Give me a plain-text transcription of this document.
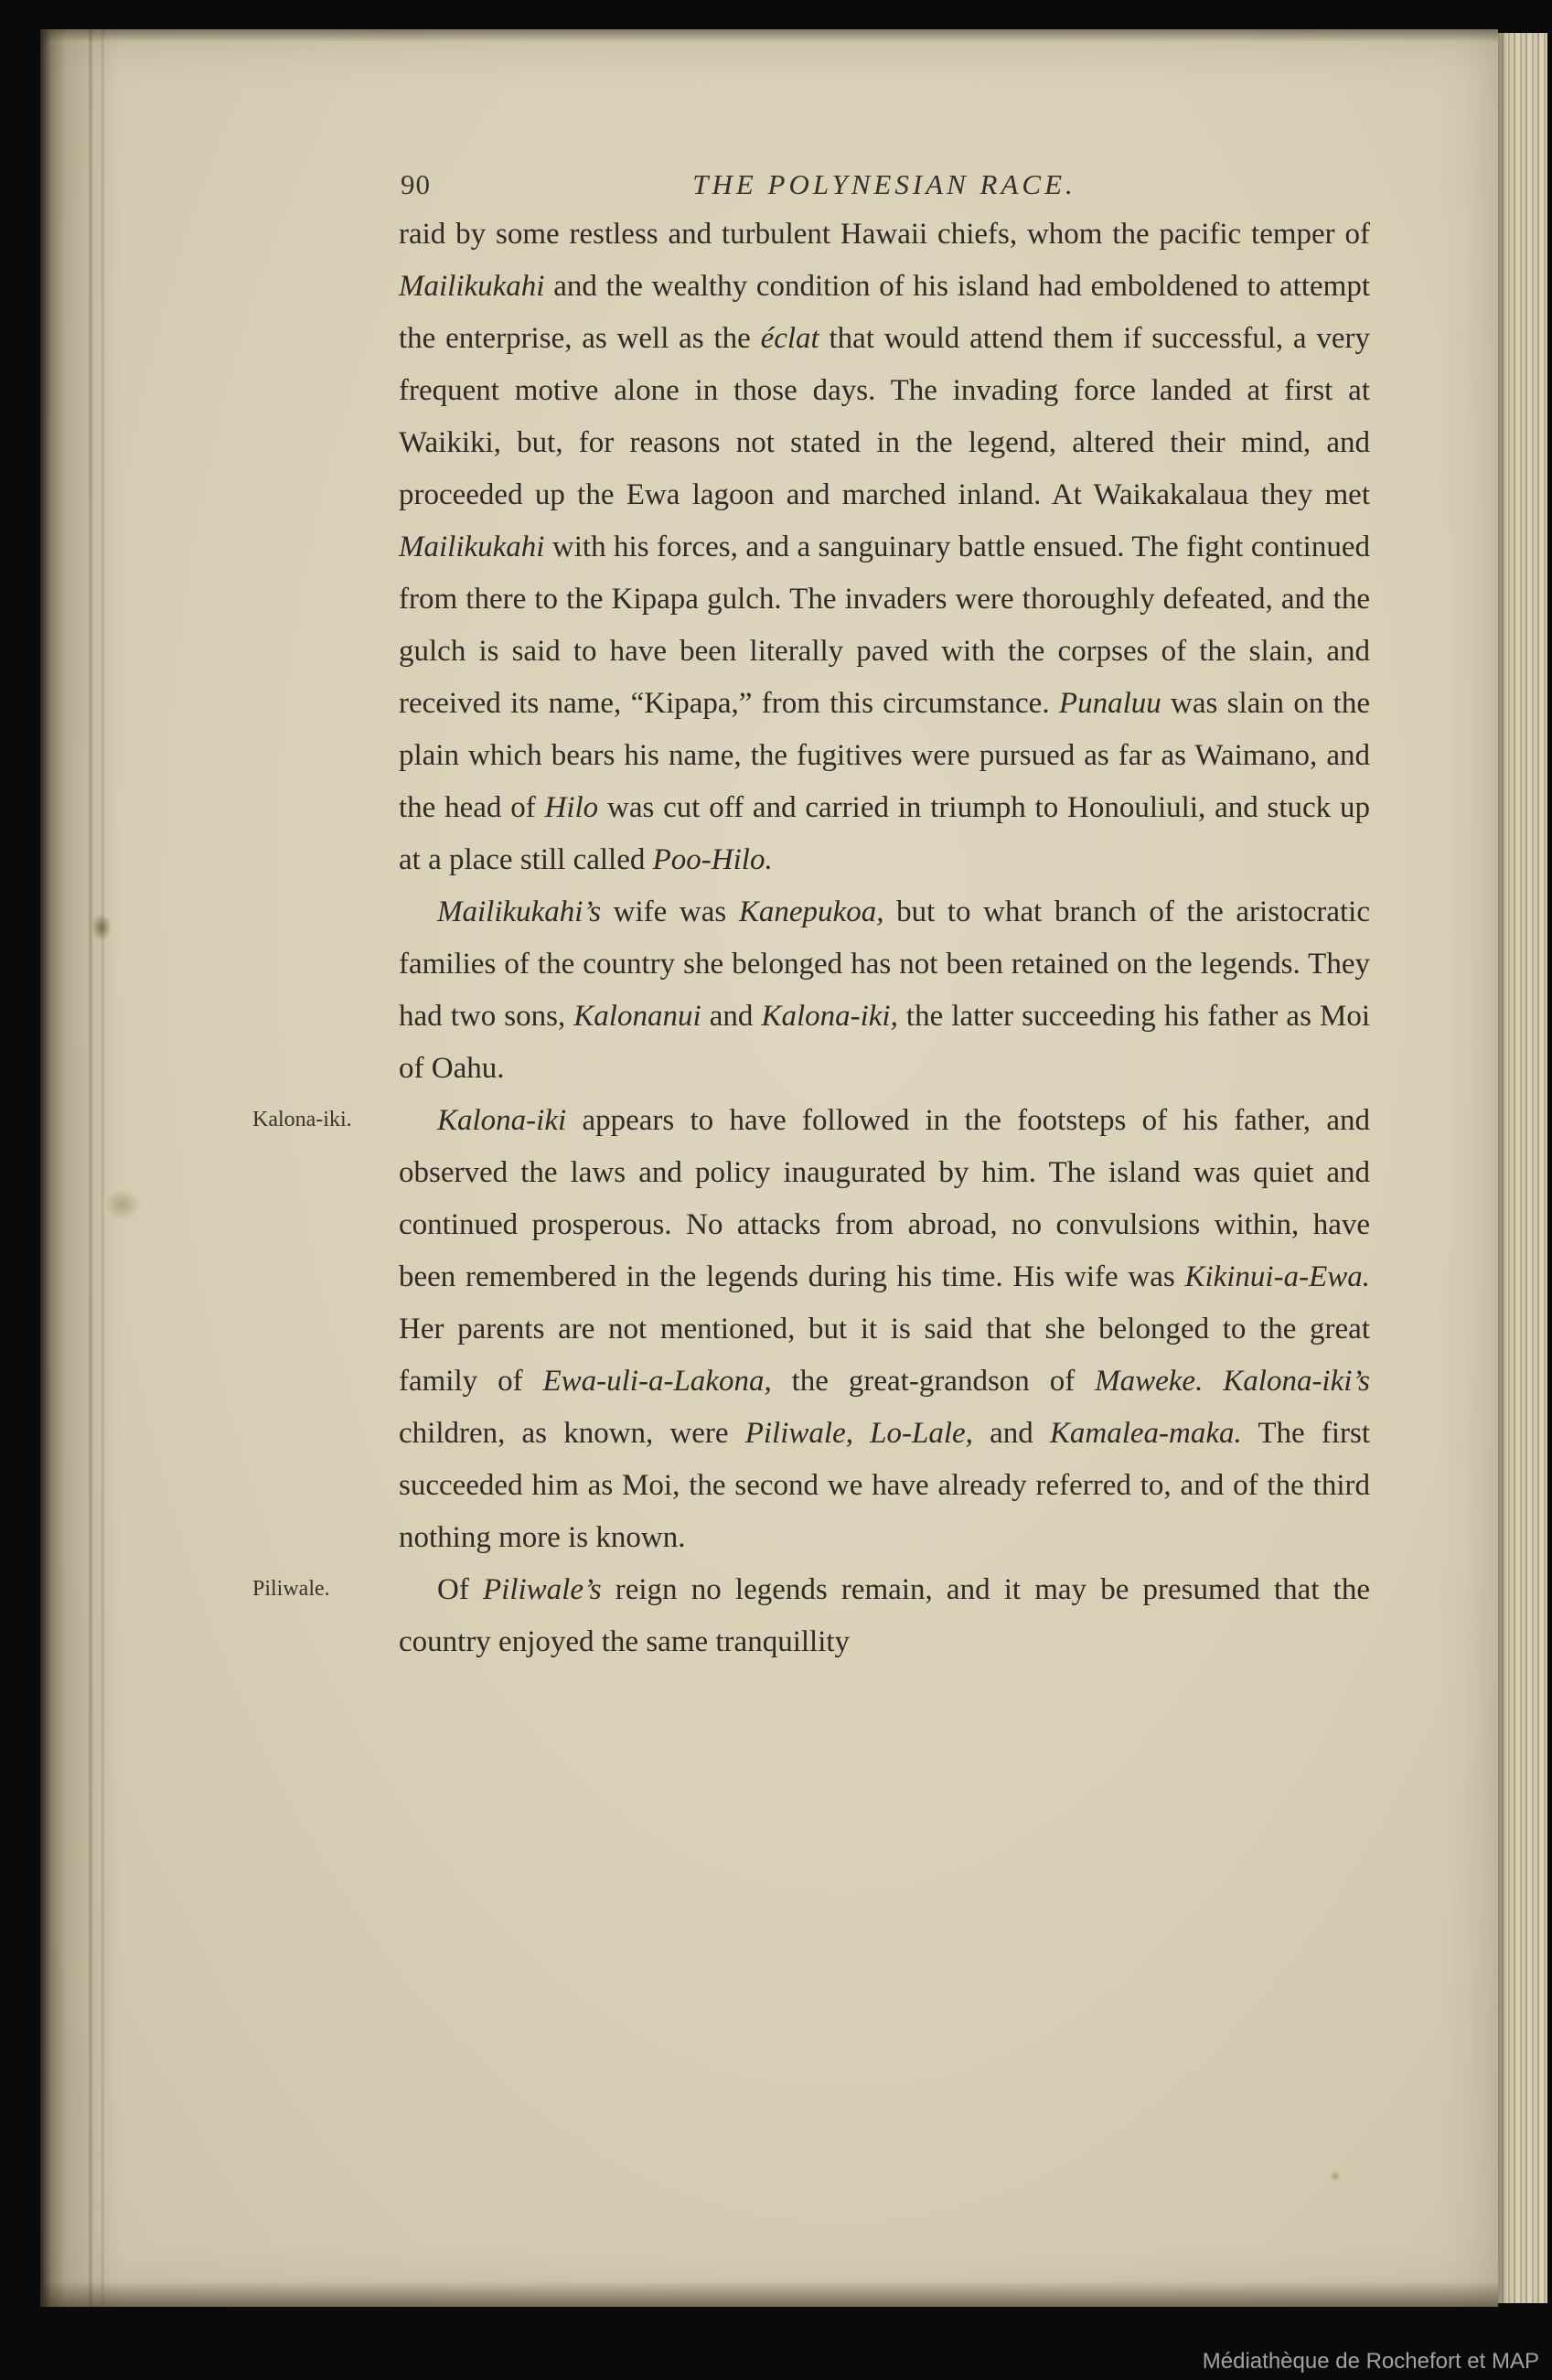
90	THE POLYNESIAN RACE.

raid by some restless and turbulent Hawaii chiefs, whom the pacific temper of Mailikukahi and the wealthy condition of his island had emboldened to attempt the enterprise, as well as the éclat that would attend them if successful, a very frequent motive alone in those days. The invading force landed at first at Waikiki, but, for reasons not stated in the legend, altered their mind, and proceeded up the Ewa lagoon and marched inland. At Waikakalaua they met Mailikukahi with his forces, and a sanguinary battle ensued. The fight continued from there to the Kipapa gulch. The invaders were thoroughly defeated, and the gulch is said to have been literally paved with the corpses of the slain, and received its name, “Kipapa,” from this circumstance. Punaluu was slain on the plain which bears his name, the fugitives were pursued as far as Waimano, and the head of Hilo was cut off and carried in triumph to Honouliuli, and stuck up at a place still called Poo-Hilo.

Mailikukahi’s wife was Kanepukoa, but to what branch of the aristocratic families of the country she belonged has not been retained on the legends. They had two sons, Kalonanui and Kalona-iki, the latter succeeding his father as Moi of Oahu.

Kalona-iki appears to have followed in the footsteps of his father, and observed the laws and policy inaugurated by him. The island was quiet and continued prosperous. No attacks from abroad, no convulsions within, have been remembered in the legends during his time. His wife was Kikinui-a-Ewa. Her parents are not mentioned, but it is said that she belonged to the great family of Ewa-uli-a-Lakona, the great-grandson of Maweke. Kalona-iki’s children, as known, were Piliwale, Lo-Lale, and Kamalea-maka. The first succeeded him as Moi, the second we have already referred to, and of the third nothing more is known.

Of Piliwale’s reign no legends remain, and it may be presumed that the country enjoyed the same tranquillity

Kalona-iki.
Piliwale.
Médiathèque de Rochefort et MAP
